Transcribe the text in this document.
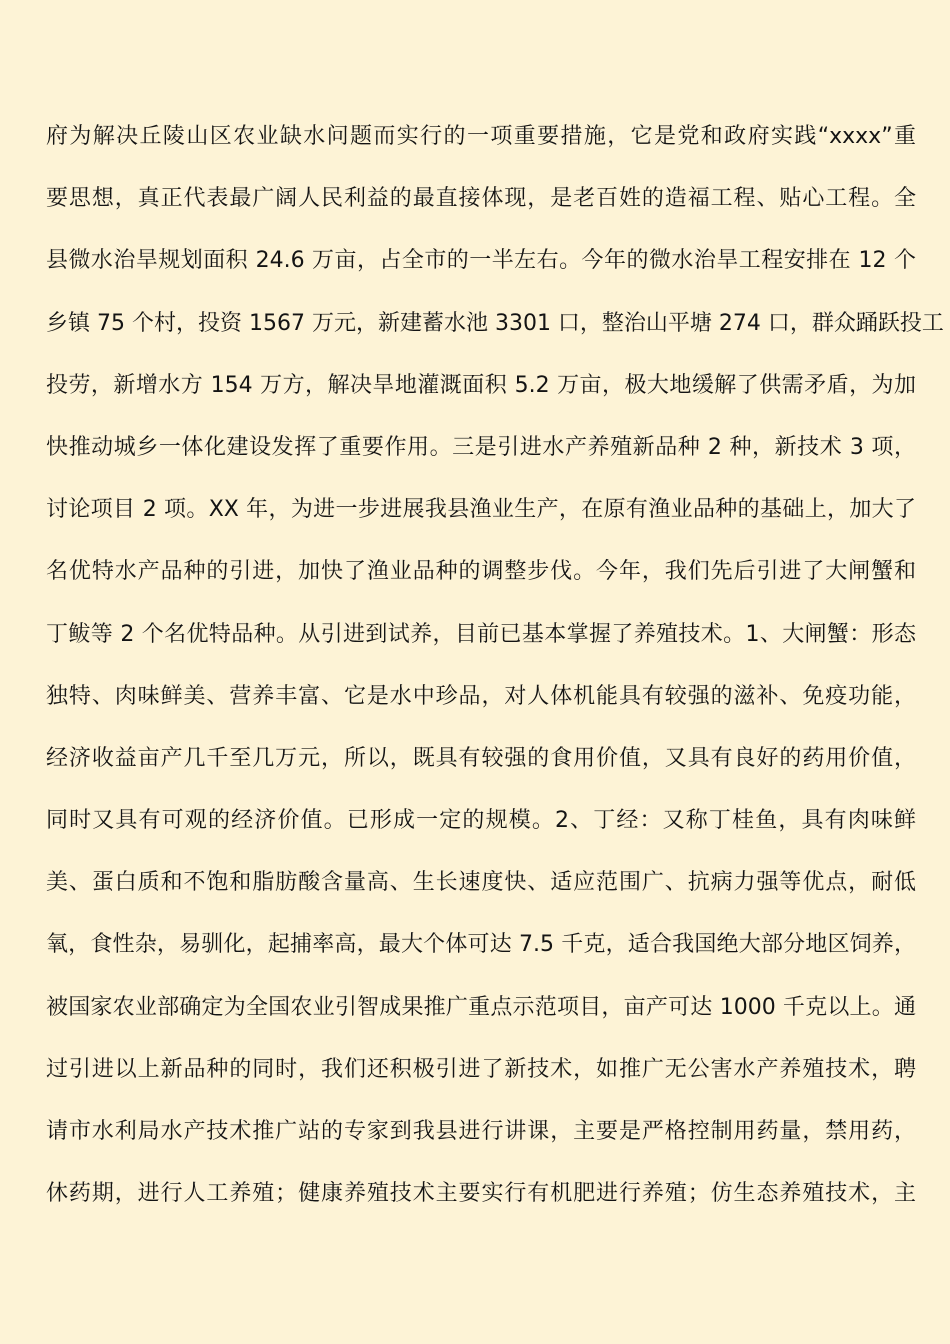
府为解决丘陵山区农业缺水问题而实行的一项重要措施，它是党和政府实践“xxxx”重
要思想，真正代表最广阔人民利益的最直接体现，是老百姓的造福工程、贴心工程。全
县微水治旱规划面积 24.6 万亩，占全市的一半左右。今年的微水治旱工程安排在 12 个
乡镇 75 个村，投资 1567 万元，新建蓄水池 3301 口，整治山平塘 274 口，群众踊跃投工
投劳，新增水方 154 万方，解决旱地灌溉面积 5.2 万亩，极大地缓解了供需矛盾，为加
快推动城乡一体化建设发挥了重要作用。三是引进水产养殖新品种 2 种，新技术 3 项，
讨论项目 2 项。XX 年，为进一步进展我县渔业生产，在原有渔业品种的基础上，加大了
名优特水产品种的引进，加快了渔业品种的调整步伐。今年，我们先后引进了大闸蟹和
丁鲅等 2 个名优特品种。从引进到试养，目前已基本掌握了养殖技术。1、大闸蟹：形态
独特、肉味鲜美、营养丰富、它是水中珍品，对人体机能具有较强的滋补、免疫功能，
经济收益亩产几千至几万元，所以，既具有较强的食用价值，又具有良好的药用价值，
同时又具有可观的经济价值。已形成一定的规模。2、丁经：又称丁桂鱼，具有肉味鲜
美、蛋白质和不饱和脂肪酸含量高、生长速度快、适应范围广、抗病力强等优点，耐低
氧，食性杂，易驯化，起捕率高，最大个体可达 7.5 千克，适合我国绝大部分地区饲养，
被国家农业部确定为全国农业引智成果推广重点示范项目，亩产可达 1000 千克以上。通
过引进以上新品种的同时，我们还积极引进了新技术，如推广无公害水产养殖技术，聘
请市水利局水产技术推广站的专家到我县进行讲课，主要是严格控制用药量，禁用药，
休药期，进行人工养殖；健康养殖技术主要实行有机肥进行养殖；仿生态养殖技术，主
